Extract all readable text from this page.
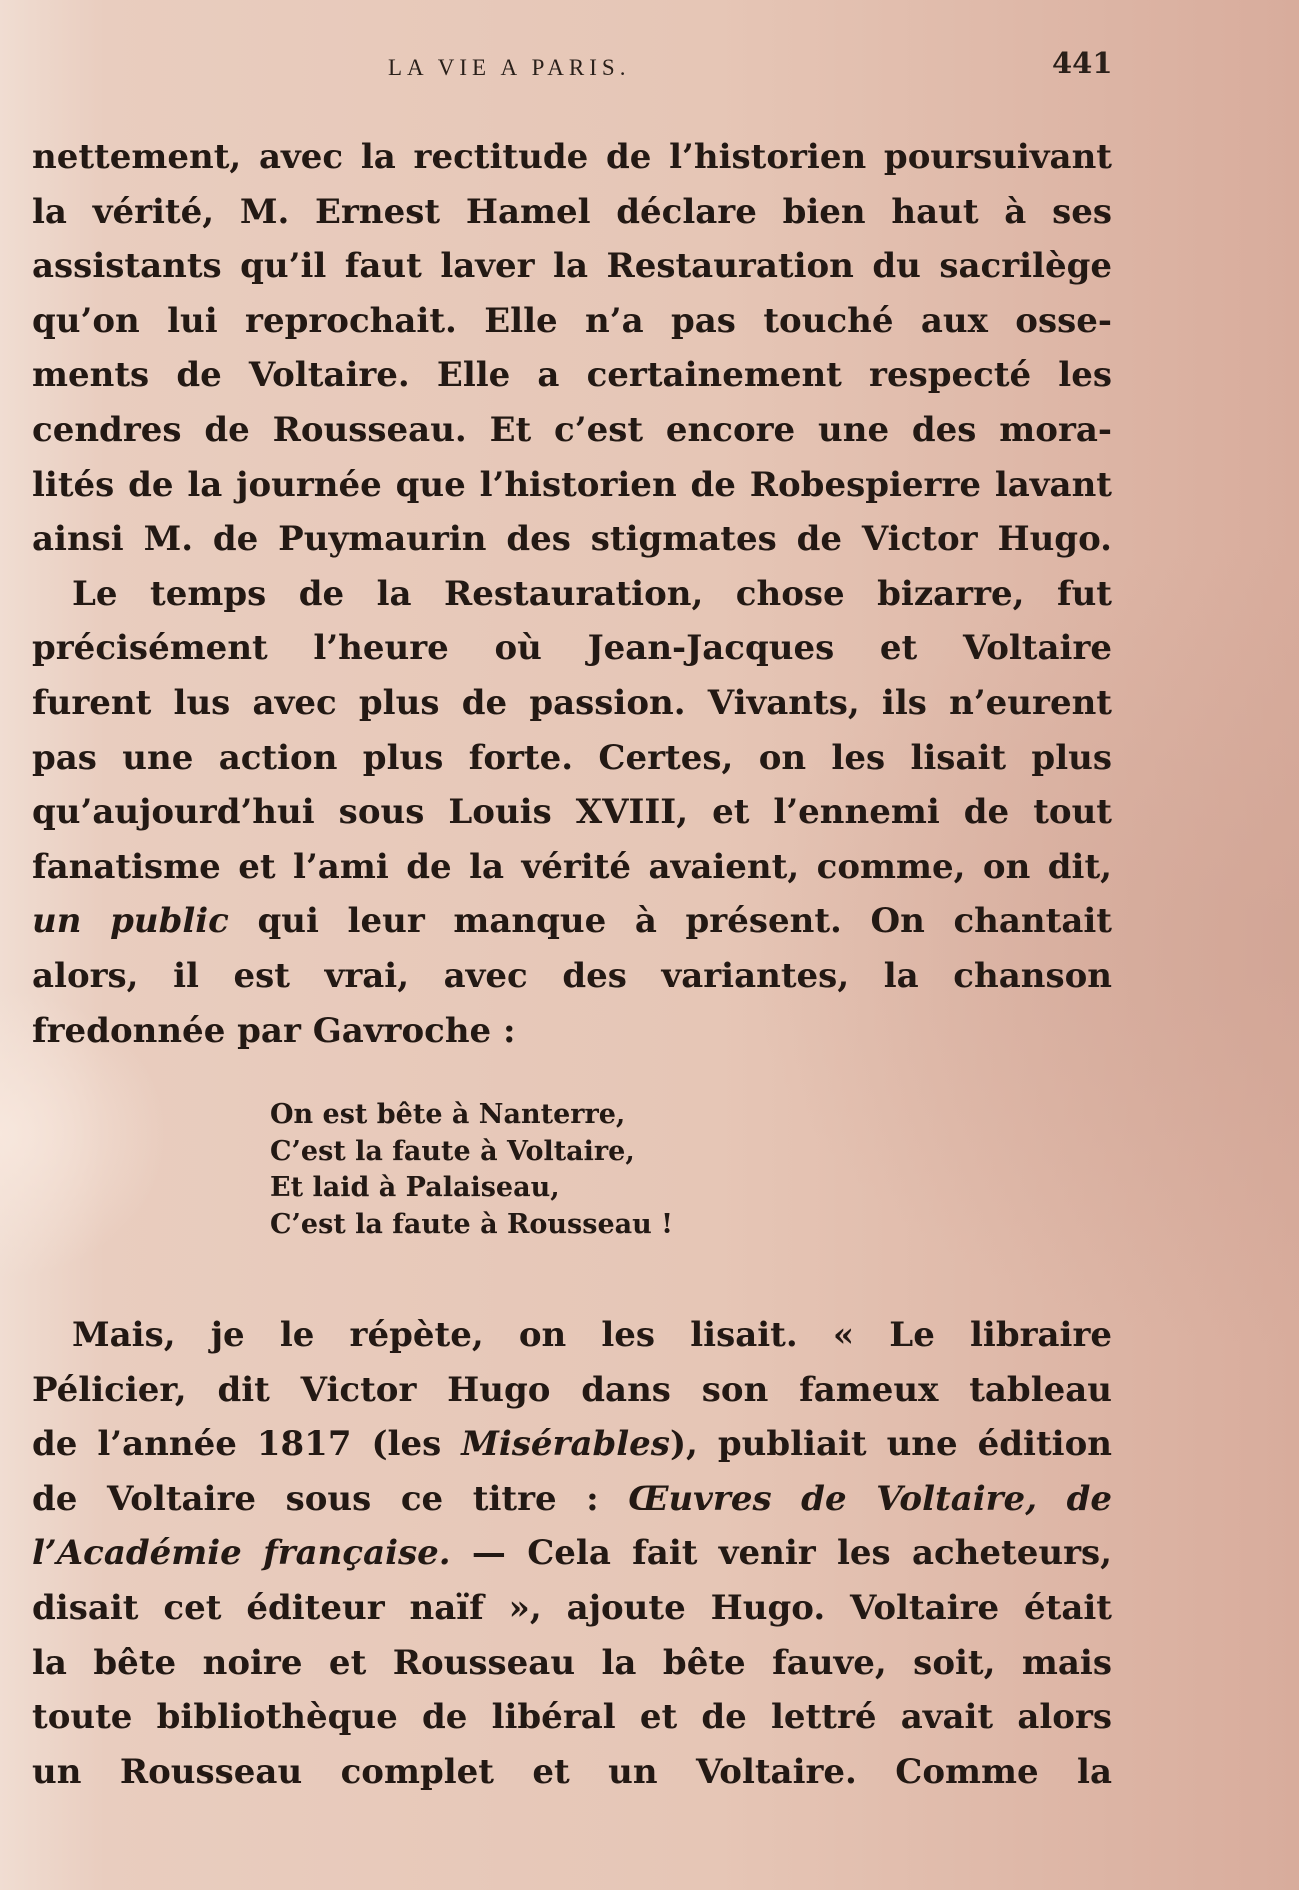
LA VIE A PARIS.	441
nettement, avec la rectitude de l’historien poursuivant
la vérité, M. Ernest Hamel déclare bien haut à ses
assistants qu’il faut laver la Restauration du sacrilège
qu’on lui reprochait. Elle n’a pas touché aux osse-
ments de Voltaire. Elle a certainement respecté les
cendres de Rousseau. Et c’est encore une des mora-
lités de la journée que l’historien de Robespierre lavant
ainsi M. de Puymaurin des stigmates de Victor Hugo.
Le temps de la Restauration, chose bizarre, fut
précisément l’heure où Jean-Jacques et Voltaire
furent lus avec plus de passion. Vivants, ils n’eurent
pas une action plus forte. Certes, on les lisait plus
qu’aujourd’hui sous Louis XVIII, et l’ennemi de tout
fanatisme et l’ami de la vérité avaient, comme, on dit,
un public qui leur manque à présent. On chantait
alors, il est vrai, avec des variantes, la chanson
fredonnée par Gavroche :
On est bête à Nanterre,
C’est la faute à Voltaire,
Et laid à Palaiseau,
C’est la faute à Rousseau !
Mais, je le répète, on les lisait. « Le libraire
Pélicier, dit Victor Hugo dans son fameux tableau
de l’année 1817 (les Misérables), publiait une édition
de Voltaire sous ce titre : Œuvres de Voltaire, de
l’Académie française. — Cela fait venir les acheteurs,
disait cet éditeur naïf », ajoute Hugo. Voltaire était
la bête noire et Rousseau la bête fauve, soit, mais
toute bibliothèque de libéral et de lettré avait alors
un Rousseau complet et un Voltaire. Comme la
